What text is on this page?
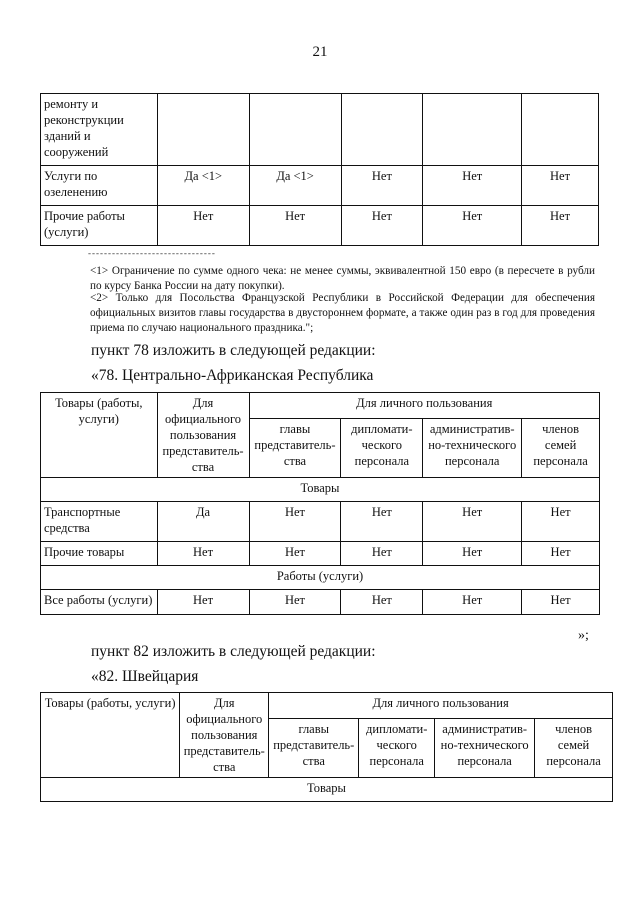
21
ремонту и реконструкции зданий и сооружений					
Услуги по озеленению	Да <1>	Да <1>	Нет	Нет	Нет
Прочие работы (услуги)	Нет	Нет	Нет	Нет	Нет
--------------------------------
<1> Ограничение по сумме одного чека: не менее суммы, эквивалентной 150 евро (в пересчете в рубли по курсу Банка России на дату покупки).
<2> Только для Посольства Французской Республики в Российской Федерации для обеспечения официальных визитов главы государства в двустороннем формате, а также один раз в год для проведения приема по случаю национального праздника.";
пункт 78 изложить в следующей редакции:
«78. Центрально-Африканская Республика
Товары (работы, услуги)	Для официального пользования представитель-ства	Для личного пользования			
		главы представитель-ства	дипломати-ческого персонала	административ-но-технического персонала	членов семей персонала
Товары					
Транспортные средства	Да	Нет	Нет	Нет	Нет
Прочие товары	Нет	Нет	Нет	Нет	Нет
Работы (услуги)					
Все работы (услуги)	Нет	Нет	Нет	Нет	Нет
»;
пункт 82 изложить в следующей редакции:
«82. Швейцария
Товары (работы, услуги)	Для официального пользования представитель-ства	Для личного пользования			
		главы представитель-ства	дипломати-ческого персонала	административ-но-технического персонала	членов семей персонала
Товары					
